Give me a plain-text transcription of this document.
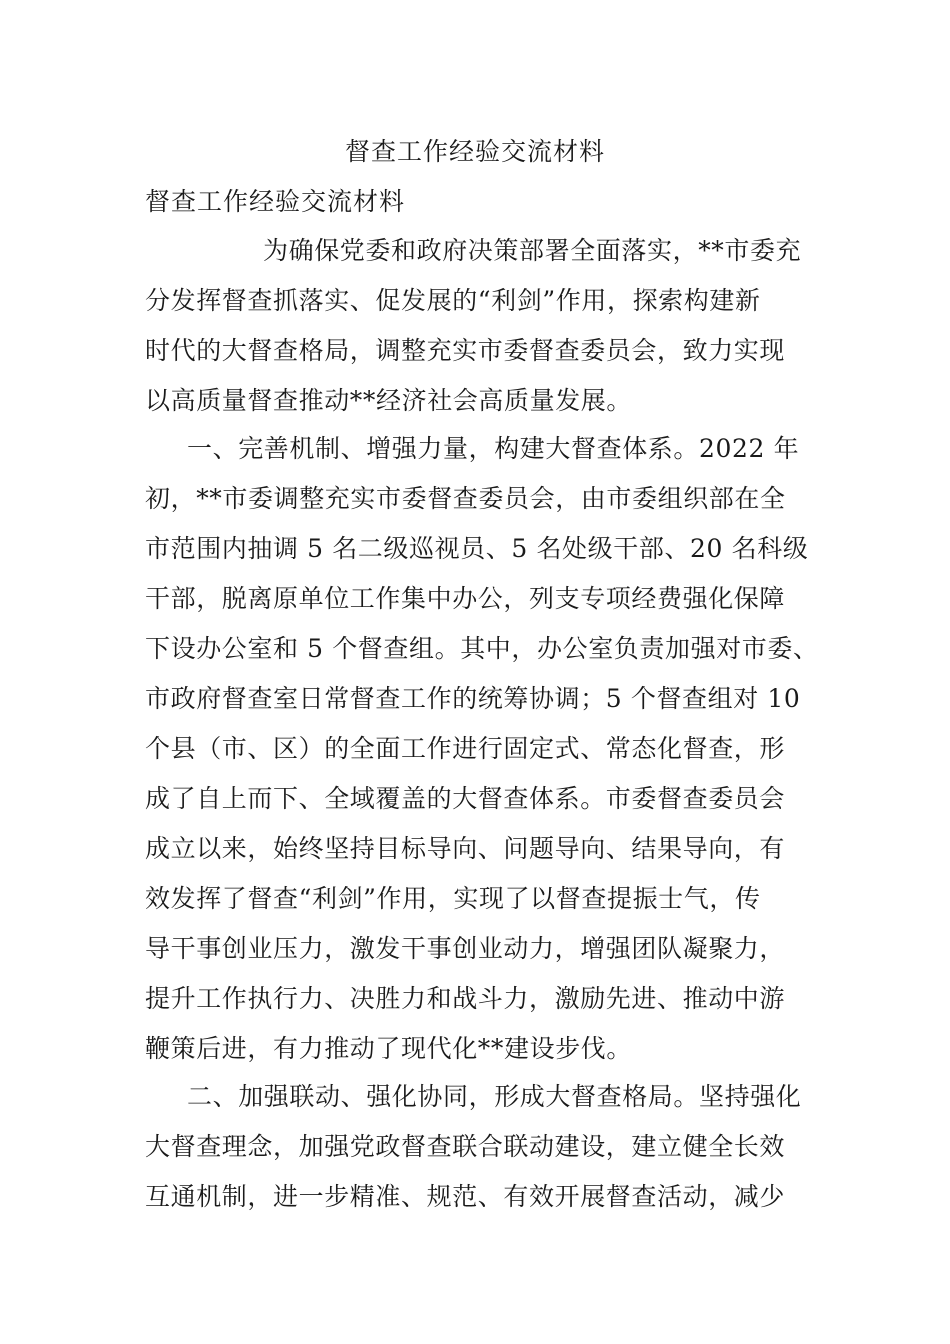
督查工作经验交流材料
督查工作经验交流材料
为确保党委和政府决策部署全面落实，**市委充
分发挥督查抓落实、促发展的“利剑”作用，探索构建新
时代的大督查格局，调整充实市委督查委员会，致力实现
以高质量督查推动**经济社会高质量发展。
一、完善机制、增强力量，构建大督查体系。2022 年
初，**市委调整充实市委督查委员会，由市委组织部在全
市范围内抽调 5 名二级巡视员、5 名处级干部、20 名科级
干部，脱离原单位工作集中办公，列支专项经费强化保障
下设办公室和 5 个督查组。其中，办公室负责加强对市委、
市政府督查室日常督查工作的统筹协调；5 个督查组对 10
个县（市、区）的全面工作进行固定式、常态化督查，形
成了自上而下、全域覆盖的大督查体系。市委督查委员会
成立以来，始终坚持目标导向、问题导向、结果导向，有
效发挥了督查“利剑”作用，实现了以督查提振士气，传
导干事创业压力，激发干事创业动力，增强团队凝聚力，
提升工作执行力、决胜力和战斗力，激励先进、推动中游
鞭策后进，有力推动了现代化**建设步伐。
二、加强联动、强化协同，形成大督查格局。坚持强化
大督查理念，加强党政督查联合联动建设，建立健全长效
互通机制，进一步精准、规范、有效开展督查活动，减少
